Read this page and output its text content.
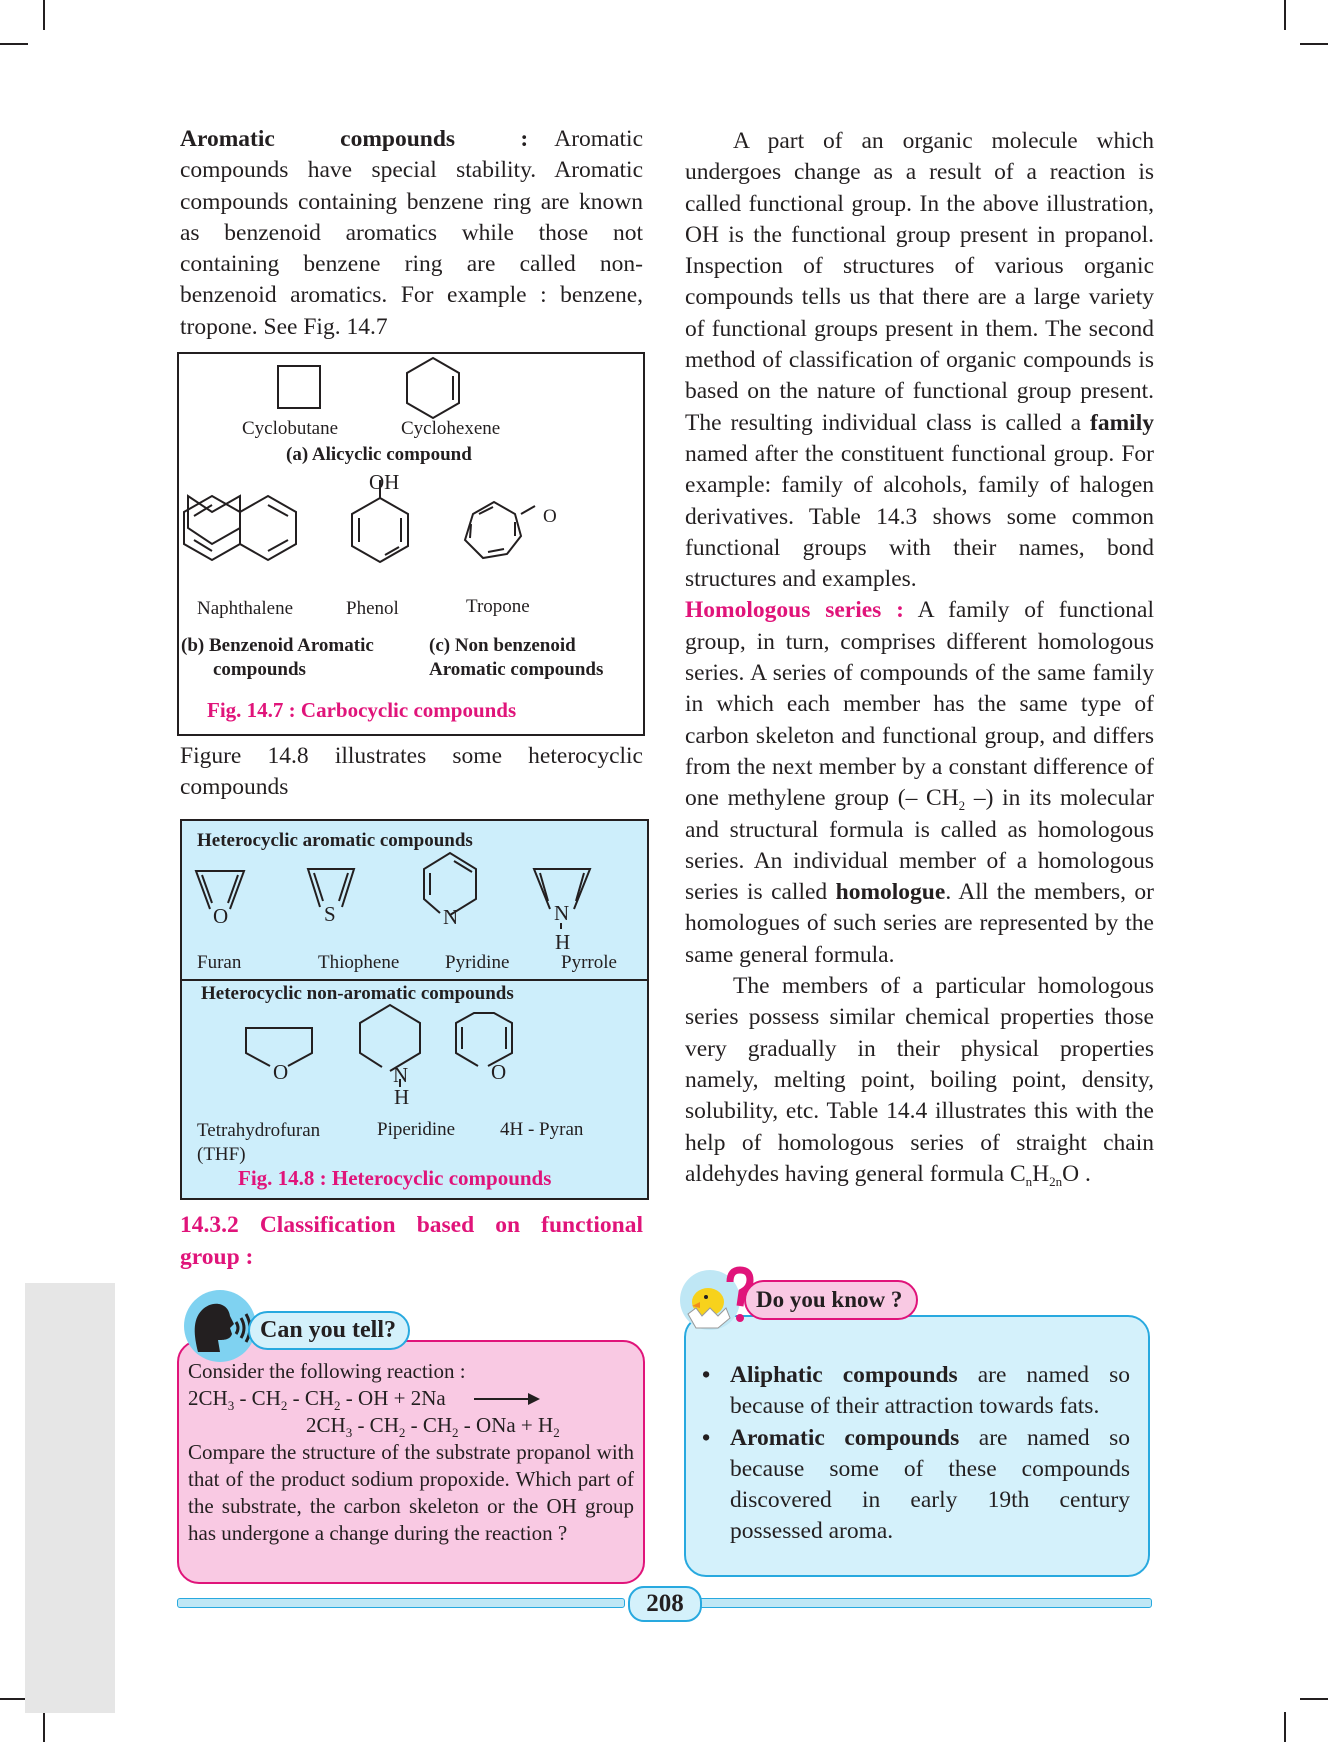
Aromatic compounds : Aromatic compounds have special stability. Aromatic compounds containing benzene ring are known as benzenoid aromatics while those not containing benzene ring are called non-benzenoid aromatics. For example : benzene, tropone. See Fig. 14.7
Cyclobutane	Cyclohexene
(a) Alicyclic compound
OH
O
Naphthalene	Phenol	Tropone
(b) Benzenoid Aromatic
compounds
(c) Non benzenoid
Aromatic compounds
Fig. 14.7 : Carbocyclic compounds
Figure 14.8 illustrates some heterocyclic compounds
Heterocyclic aromatic compounds
O	S	N	N
H
Furan	Thiophene Pyridine	Pyrrole
Heterocyclic non-aromatic compounds
O	N
H
O
Tetrahydrofuran
(THF)
Piperidine 4H - Pyran
Fig. 14.8 : Heterocyclic compounds
14.3.2 Classification based on functional group :
Can you tell?
Consider the following reaction :
$2CH_3 - CH_2 - CH_2$ - OH + 2Na
$2CH_3 - CH_2 - CH_2$ - ONa + $H_2$
Compare the structure of the substrate propanol with that of the product sodium propoxide. Which part of the substrate, the carbon skeleton or the OH group has undergone a change during the reaction ?

A part of an organic molecule which undergoes change as a result of a reaction is called functional group. In the above illustration, OH is the functional group present in propanol. Inspection of structures of various organic compounds tells us that there are a large variety of functional groups present in them. The second method of classification of organic compounds is based on the nature of functional group present. The resulting individual class is called a family named after the constituent functional group. For example: family of alcohols, family of halogen derivatives. Table 14.3 shows some common functional groups with their names, bond structures and examples.

Homologous series : A family of functional group, in turn, comprises different homologous series. A series of compounds of the same family in which each member has the same type of carbon skeleton and functional group, and differs from the next member by a constant difference of one methylene group (– $CH_2$ –) in its molecular and structural formula is called as homologous series. An individual member of a homologous series is called homologue. All the members, or homologues of such series are represented by the same general formula.

The members of a particular homologous series possess similar chemical properties those very gradually in their physical properties namely, melting point, boiling point, density, solubility, etc. Table 14.4 illustrates this with the help of homologous series of straight chain aldehydes having general formula $C_nH_{2n}O$ .

Do you know ?
• Aliphatic compounds are named so because of their attraction towards fats.
• Aromatic compounds are named so because some of these compounds discovered in early 19th century possessed aroma.
208
